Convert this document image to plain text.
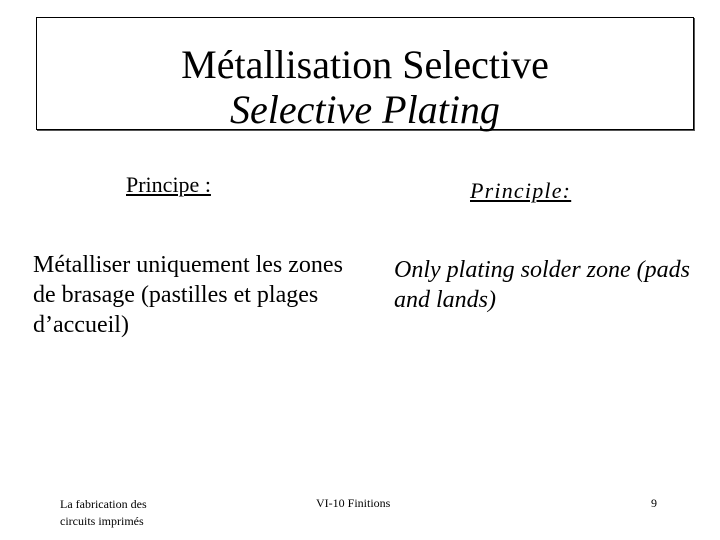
Métallisation Selective
Selective Plating
Principe :	Principle:
Métalliser uniquement les zones de brasage (pastilles et plages d’accueil)
Only plating solder zone (pads and lands)
La fabrication des
circuits imprimés
VI-10 Finitions	9
